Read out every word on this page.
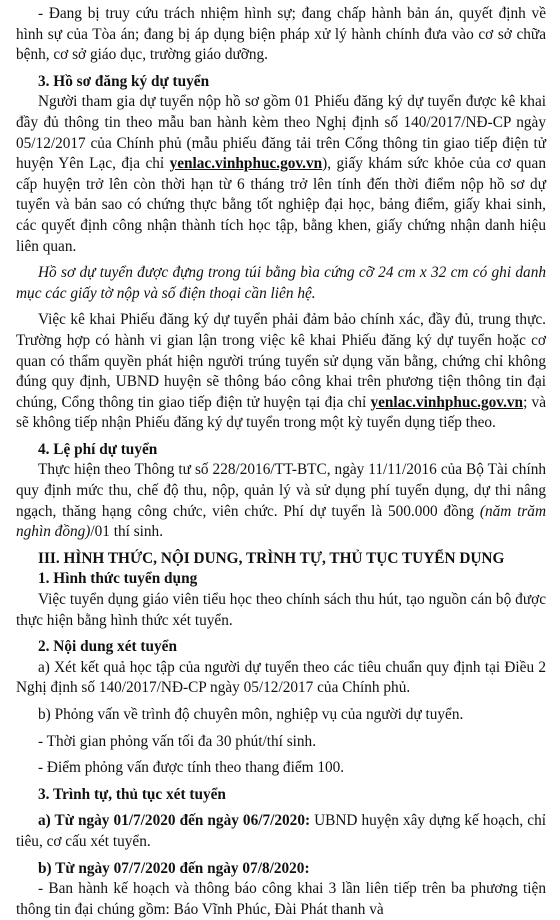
- Đang bị truy cứu trách nhiệm hình sự; đang chấp hành bản án, quyết định về hình sự của Tòa án; đang bị áp dụng biện pháp xử lý hành chính đưa vào cơ sở chữa bệnh, cơ sở giáo dục, trường giáo dưỡng.

3. Hồ sơ đăng ký dự tuyển

Người tham gia dự tuyển nộp hồ sơ gồm 01 Phiếu đăng ký dự tuyển được kê khai đầy đủ thông tin theo mẫu ban hành kèm theo Nghị định số 140/2017/NĐ-CP ngày 05/12/2017 của Chính phủ (mẫu phiếu đăng tải trên Cổng thông tin giao tiếp điện tử huyện Yên Lạc, địa chỉ yenlac.vinhphuc.gov.vn), giấy khám sức khỏe của cơ quan cấp huyện trở lên còn thời hạn từ 6 tháng trở lên tính đến thời điểm nộp hồ sơ dự tuyển và bản sao có chứng thực bằng tốt nghiệp đại học, bảng điểm, giấy khai sinh, các quyết định công nhận thành tích học tập, bằng khen, giấy chứng nhận danh hiệu liên quan.

Hồ sơ dự tuyển được đựng trong túi bằng bìa cứng cỡ 24 cm x 32 cm có ghi danh mục các giấy tờ nộp và số điện thoại cần liên hệ.

Việc kê khai Phiếu đăng ký dự tuyển phải đảm bảo chính xác, đầy đủ, trung thực. Trường hợp có hành vi gian lận trong việc kê khai Phiếu đăng ký dự tuyển hoặc cơ quan có thẩm quyền phát hiện người trúng tuyển sử dụng văn bằng, chứng chỉ không đúng quy định, UBND huyện sẽ thông báo công khai trên phương tiện thông tin đại chúng, Cổng thông tin giao tiếp điện tử huyện tại địa chỉ yenlac.vinhphuc.gov.vn; và sẽ không tiếp nhận Phiếu đăng ký dự tuyển trong một kỳ tuyển dụng tiếp theo.

4. Lệ phí dự tuyển

Thực hiện theo Thông tư số 228/2016/TT-BTC, ngày 11/11/2016 của Bộ Tài chính quy định mức thu, chế độ thu, nộp, quản lý và sử dụng phí tuyển dụng, dự thi nâng ngạch, thăng hạng công chức, viên chức. Phí dự tuyển là 500.000 đồng (năm trăm nghìn đồng)/01 thí sinh.

III. HÌNH THỨC, NỘI DUNG, TRÌNH TỰ, THỦ TỤC TUYỂN DỤNG

1. Hình thức tuyển dụng

Việc tuyển dụng giáo viên tiểu học theo chính sách thu hút, tạo nguồn cán bộ được thực hiện bằng hình thức xét tuyển.

2. Nội dung xét tuyển

a) Xét kết quả học tập của người dự tuyển theo các tiêu chuẩn quy định tại Điều 2 Nghị định số 140/2017/NĐ-CP ngày 05/12/2017 của Chính phủ.

b) Phỏng vấn về trình độ chuyên môn, nghiệp vụ của người dự tuyển.

- Thời gian phỏng vấn tối đa 30 phút/thí sinh.

- Điểm phỏng vấn được tính theo thang điểm 100.

3. Trình tự, thủ tục xét tuyển

a) Từ ngày 01/7/2020 đến ngày 06/7/2020: UBND huyện xây dựng kế hoạch, chỉ tiêu, cơ cấu xét tuyển.

b) Từ ngày 07/7/2020 đến ngày 07/8/2020:

- Ban hành kế hoạch và thông báo công khai 3 lần liên tiếp trên ba phương tiện thông tin đại chúng gồm: Báo Vĩnh Phúc, Đài Phát thanh và
